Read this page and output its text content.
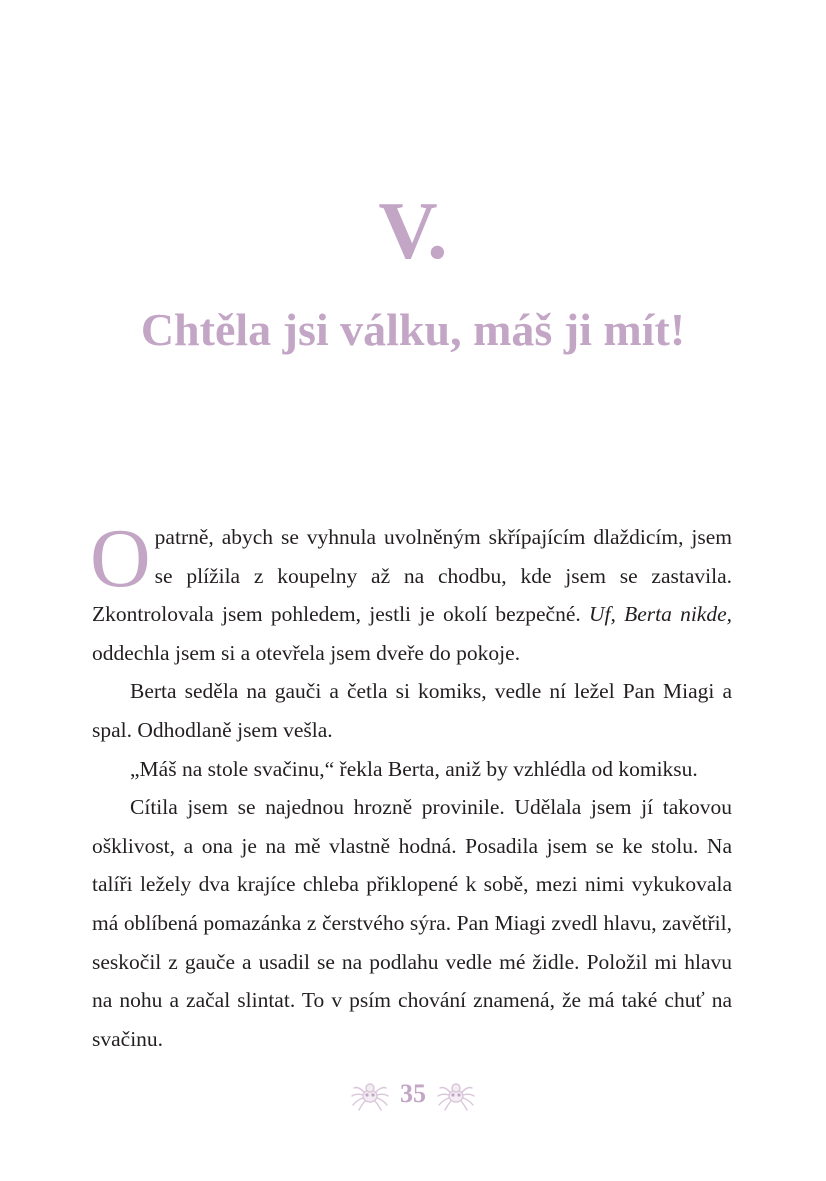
V.
Chtěla jsi válku, máš ji mít!

Opatrně, abych se vyhnula uvolněným skřípajícím dlaždicím, jsem se plížila z koupelny až na chodbu, kde jsem se zastavila. Zkontrolovala jsem pohledem, jestli je okolí bezpečné. Uf, Berta nikde, oddechla jsem si a otevřela jsem dveře do pokoje.

Berta seděla na gauči a četla si komiks, vedle ní ležel Pan Miagi a spal. Odhodlaně jsem vešla.

„Máš na stole svačinu,“ řekla Berta, aniž by vzhlédla od komiksu.

Cítila jsem se najednou hrozně provinile. Udělala jsem jí takovou ošklivost, a ona je na mě vlastně hodná. Posadila jsem se ke stolu. Na talíři ležely dva krajíce chleba přiklopené k sobě, mezi nimi vykukovala má oblíbená pomazánka z čerstvého sýra. Pan Miagi zvedl hlavu, zavětřil, seskočil z gauče a usadil se na podlahu vedle mé židle. Položil mi hlavu na nohu a začal slintat. To v psím chování znamená, že má také chuť na svačinu.

35
